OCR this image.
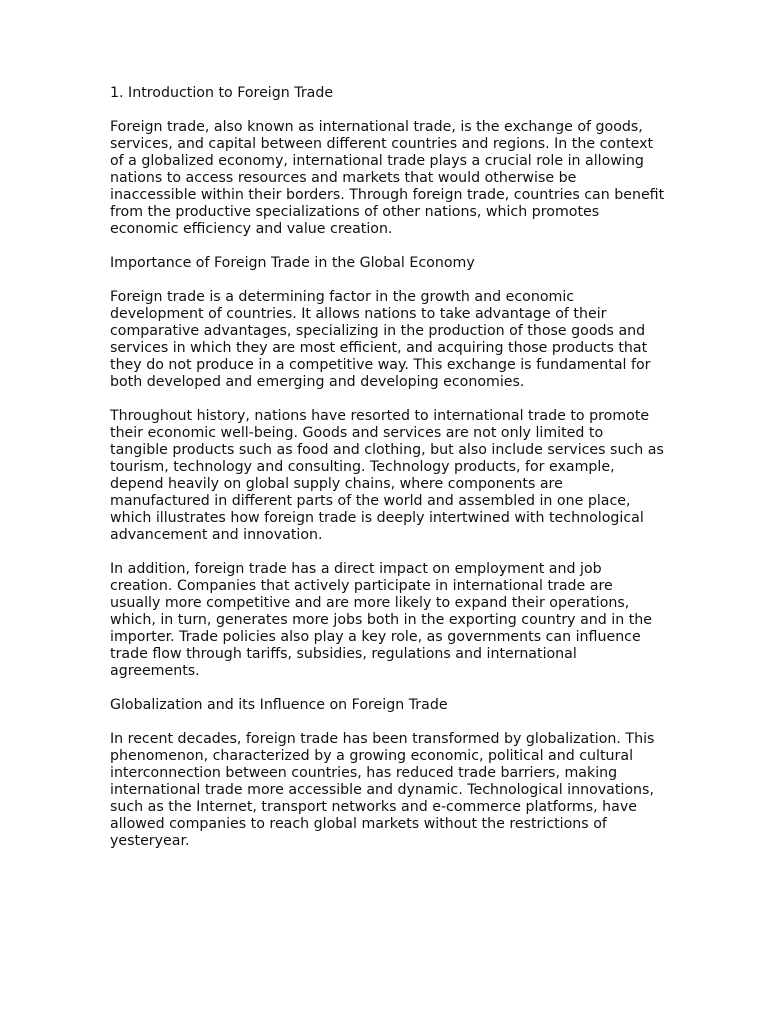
1. Introduction to Foreign Trade

Foreign trade, also known as international trade, is the exchange of goods, services, and capital between different countries and regions. In the context of a globalized economy, international trade plays a crucial role in allowing nations to access resources and markets that would otherwise be inaccessible within their borders. Through foreign trade, countries can benefit from the productive specializations of other nations, which promotes economic efficiency and value creation.

Importance of Foreign Trade in the Global Economy

Foreign trade is a determining factor in the growth and economic development of countries. It allows nations to take advantage of their comparative advantages, specializing in the production of those goods and services in which they are most efficient, and acquiring those products that they do not produce in a competitive way. This exchange is fundamental for both developed and emerging and developing economies.

Throughout history, nations have resorted to international trade to promote their economic well-being. Goods and services are not only limited to tangible products such as food and clothing, but also include services such as tourism, technology and consulting. Technology products, for example, depend heavily on global supply chains, where components are manufactured in different parts of the world and assembled in one place, which illustrates how foreign trade is deeply intertwined with technological advancement and innovation.

In addition, foreign trade has a direct impact on employment and job creation. Companies that actively participate in international trade are usually more competitive and are more likely to expand their operations, which, in turn, generates more jobs both in the exporting country and in the importer. Trade policies also play a key role, as governments can influence trade flow through tariffs, subsidies, regulations and international agreements.

Globalization and its Influence on Foreign Trade

In recent decades, foreign trade has been transformed by globalization. This phenomenon, characterized by a growing economic, political and cultural interconnection between countries, has reduced trade barriers, making international trade more accessible and dynamic. Technological innovations, such as the Internet, transport networks and e-commerce platforms, have allowed companies to reach global markets without the restrictions of yesteryear.
